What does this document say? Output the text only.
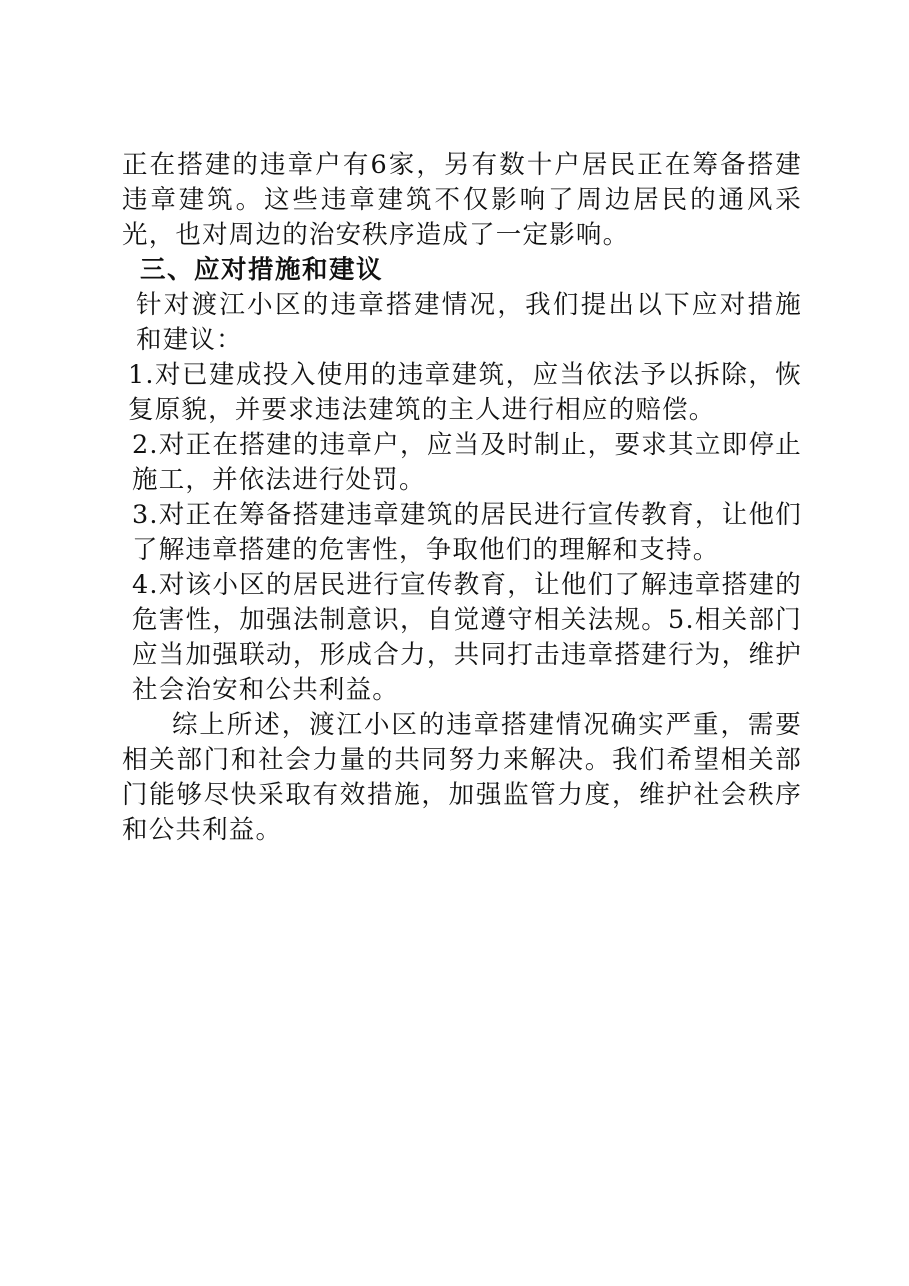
正在搭建的违章户有6家，另有数十户居民正在筹备搭建违章建筑。这些违章建筑不仅影响了周边居民的通风采光，也对周边的治安秩序造成了一定影响。

三、应对措施和建议

针对渡江小区的违章搭建情况，我们提出以下应对措施和建议：

1.对已建成投入使用的违章建筑，应当依法予以拆除，恢复原貌，并要求违法建筑的主人进行相应的赔偿。

2.对正在搭建的违章户，应当及时制止，要求其立即停止施工，并依法进行处罚。

3.对正在筹备搭建违章建筑的居民进行宣传教育，让他们了解违章搭建的危害性，争取他们的理解和支持。

4.对该小区的居民进行宣传教育，让他们了解违章搭建的危害性，加强法制意识，自觉遵守相关法规。5.相关部门应当加强联动，形成合力，共同打击违章搭建行为，维护社会治安和公共利益。

综上所述，渡江小区的违章搭建情况确实严重，需要相关部门和社会力量的共同努力来解决。我们希望相关部门能够尽快采取有效措施，加强监管力度，维护社会秩序和公共利益。
